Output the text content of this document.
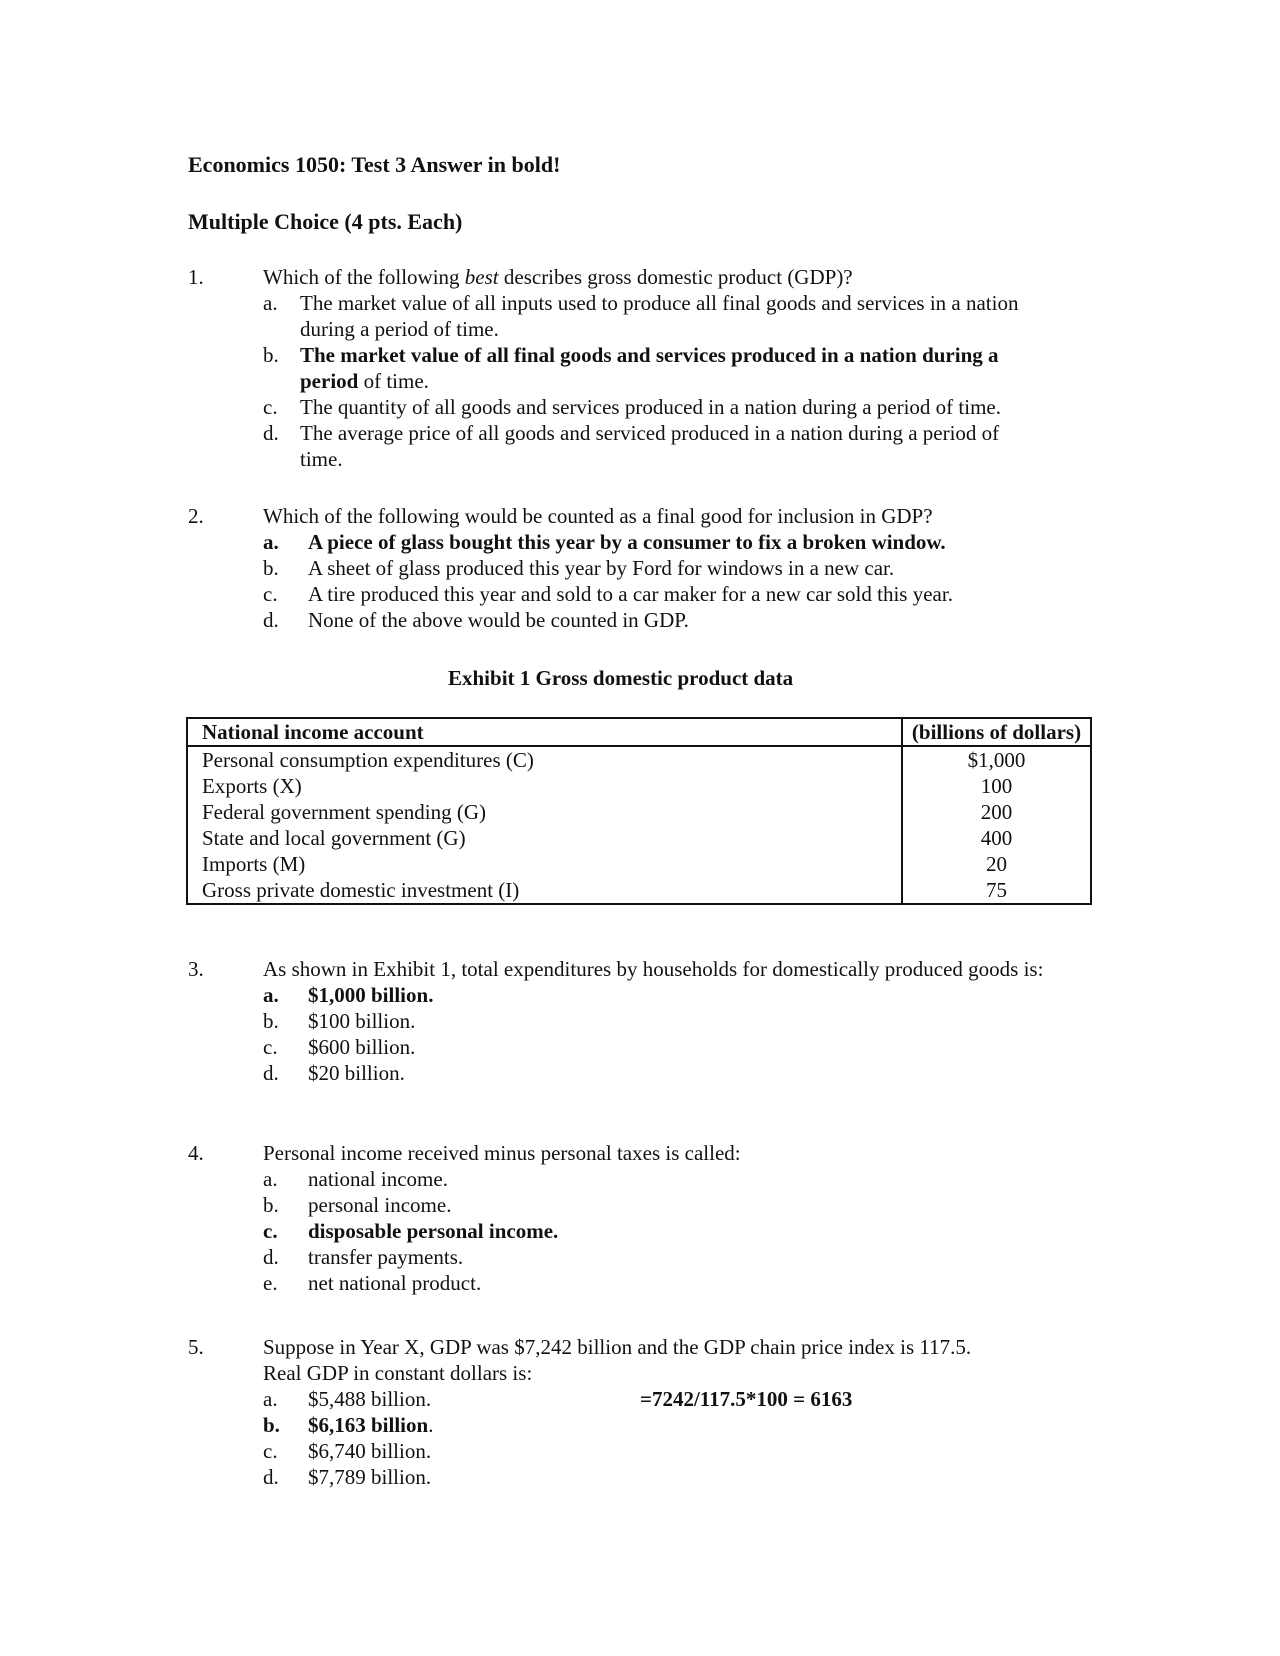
Economics 1050: Test 3 Answer in bold!
Multiple Choice (4 pts. Each)
1.	Which of the following best describes gross domestic product (GDP)?
a. The market value of all inputs used to produce all final goods and services in a nation
during a period of time.
b. The market value of all final goods and services produced in a nation during a
period of time.
c. The quantity of all goods and services produced in a nation during a period of time.
d. The average price of all goods and serviced produced in a nation during a period of
time.
2.	Which of the following would be counted as a final good for inclusion in GDP?
a. A piece of glass bought this year by a consumer to fix a broken window.
b. A sheet of glass produced this year by Ford for windows in a new car.
c. A tire produced this year and sold to a car maker for a new car sold this year.
d. None of the above would be counted in GDP.
Exhibit 1 Gross domestic product data
National income account	(billions of dollars)
Personal consumption expenditures (C)	$1,000
Exports (X)	100
Federal government spending (G)	200
State and local government (G)	400
Imports (M)	20
Gross private domestic investment (I)	75
3.	As shown in Exhibit 1, total expenditures by households for domestically produced goods is:
a. $1,000 billion.
b. $100 billion.
c. $600 billion.
d. $20 billion.
4.	Personal income received minus personal taxes is called:
a. national income.
b. personal income.
c. disposable personal income.
d. transfer payments.
e. net national product.
5.	Suppose in Year X, GDP was $7,242 billion and the GDP chain price index is 117.5.
Real GDP in constant dollars is:
a. $5,488 billion.	=7242/117.5*100 = 6163
b. $6,163 billion.
c. $6,740 billion.
d. $7,789 billion.
